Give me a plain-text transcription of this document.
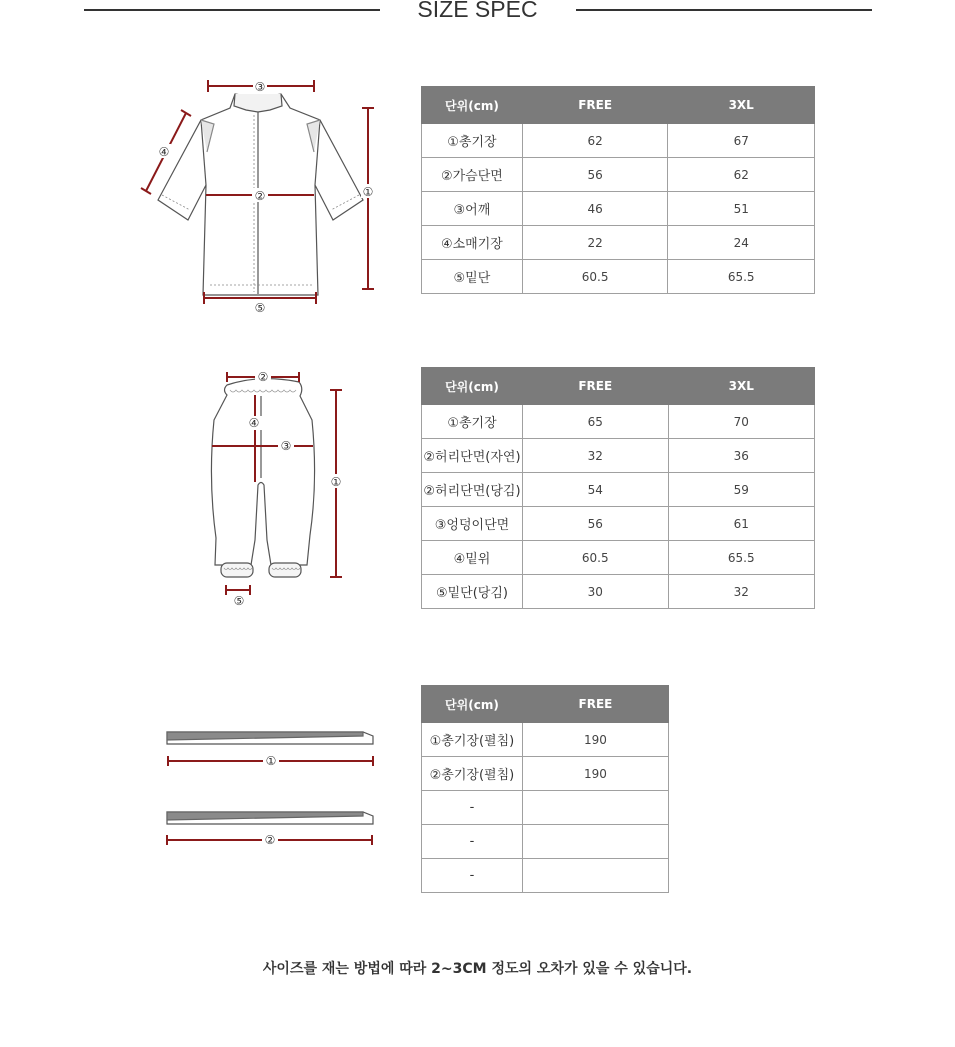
SIZE SPEC
③
②	①
④
⑤
단위(cm)	FREE	3XL
①총기장	62	67
②가슴단면	56	62
③어깨	46	51
④소매기장	22	24
⑤밑단	60.5	65.5
②
①
③
④
⑤
단위(cm)	FREE	3XL
①총기장	65	70
②허리단면(자연)	32	36
②허리단면(당김)	54	59
③엉덩이단면	56	61
④밑위	60.5	65.5
⑤밑단(당김)	30	32
①
②
단위(cm)	FREE
①총기장(펼침)	190
②총기장(펼침)	190
-	
-	
-	
사이즈를 재는 방법에 따라 2~3CM 정도의 오차가 있을 수 있습니다.
